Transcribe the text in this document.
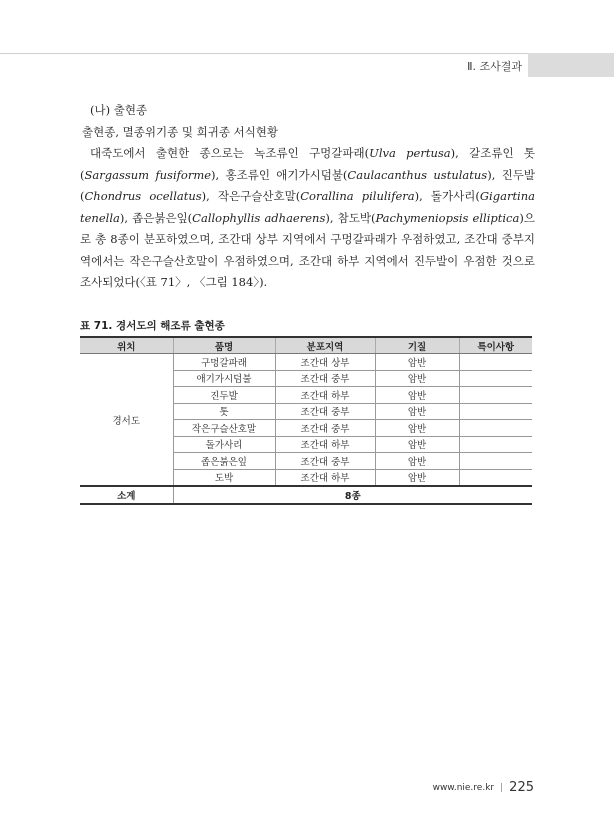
Ⅱ. 조사결과

(나) 출현종

출현종, 멸종위기종 및 희귀종 서식현황

대죽도에서 출현한 종으로는 녹조류인 구멍갈파래(Ulva pertusa), 갈조류인 톳(Sargassum fusiforme), 홍조류인 애기가시덤불(Caulacanthus ustulatus), 진두발(Chondrus ocellatus), 작은구슬산호말(Corallina pilulifera), 돌가사리(Gigartina tenella), 좁은붉은잎(Callophyllis adhaerens), 참도박(Pachymeniopsis elliptica)으로 총 8종이 분포하였으며, 조간대 상부 지역에서 구멍갈파래가 우점하였고, 조간대 중부지역에서는 작은구슬산호말이 우점하였으며, 조간대 하부 지역에서 진두발이 우점한 것으로 조사되었다(〈표 71〉, 〈그림 184〉).

표 71. 경서도의 해조류 출현종
위치	품명	분포지역	기질	특이사항
경서도	구멍갈파래	조간대 상부	암반	
	애기가시덤불	조간대 중부	암반	
	진두발	조간대 하부	암반	
	톳	조간대 중부	암반	
	작은구슬산호말	조간대 중부	암반	
	돌가사리	조간대 하부	암반	
	좁은붉은잎	조간대 중부	암반	
	도박	조간대 하부	암반	
소계	8종			
www.nie.re.kr | 225
